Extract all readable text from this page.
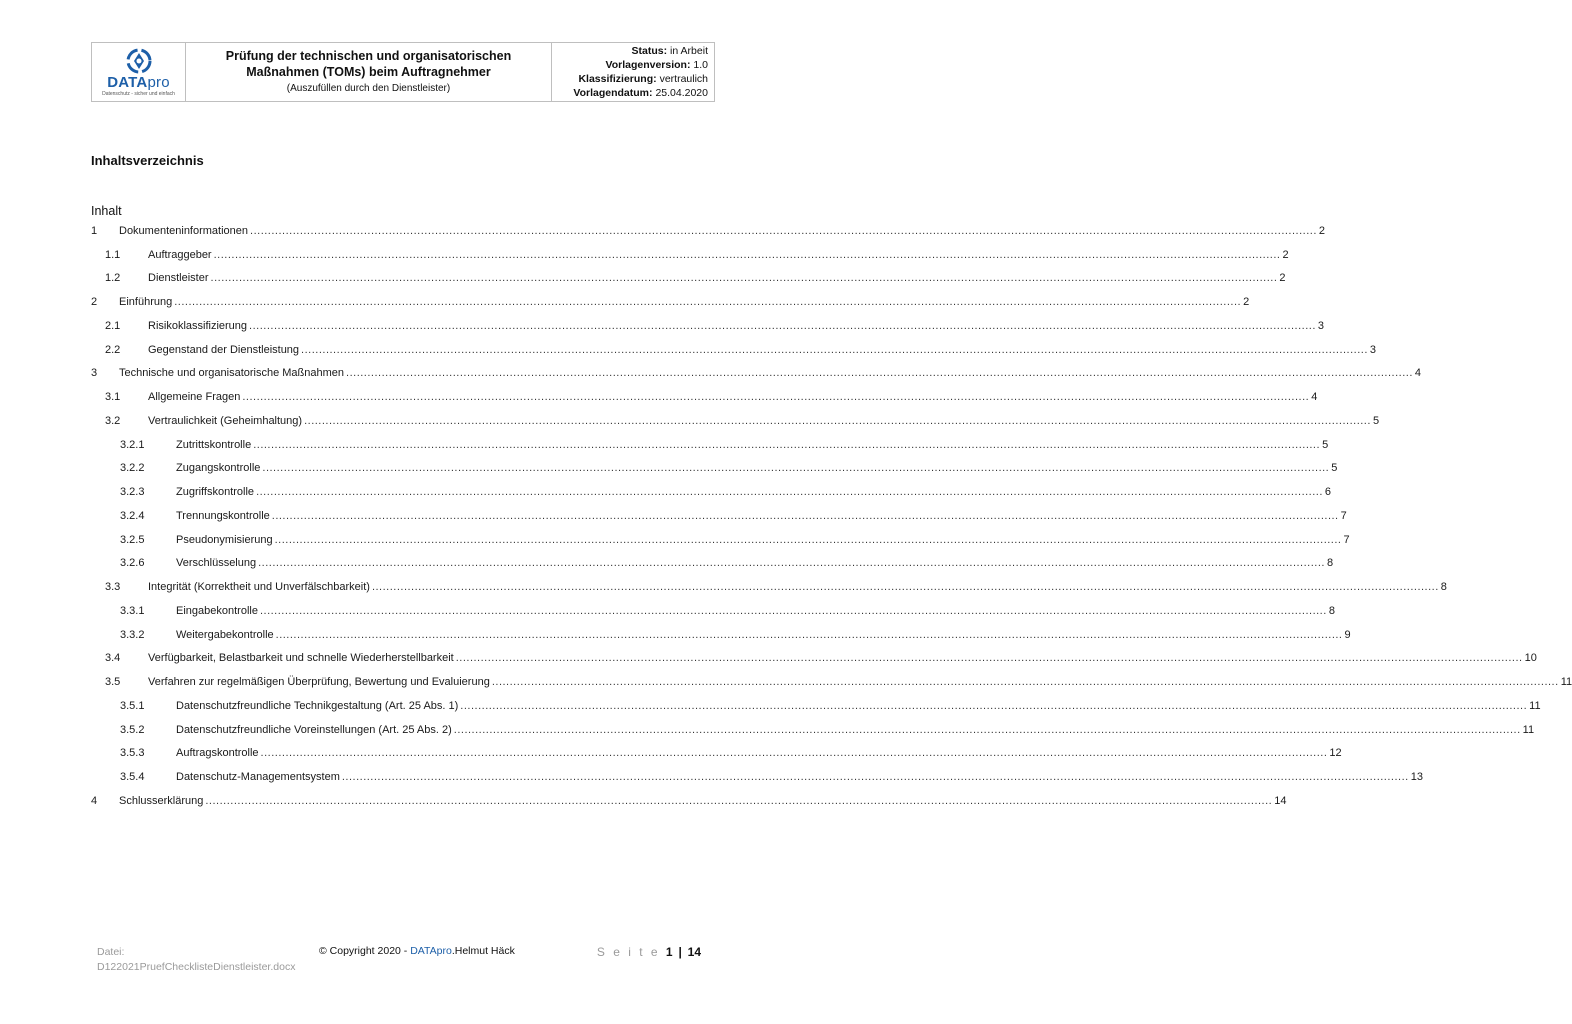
DATApro
Datenschutz - sicher und einfach
Prüfung der technischen und organisatorischen
Maßnahmen (TOMs) beim Auftragnehmer
(Auszufüllen durch den Dienstleister)
Status: in Arbeit
Vorlagenversion: 1.0
Klassifizierung: vertraulich
Vorlagendatum: 25.04.2020
Inhaltsverzeichnis
Inhalt
1 Dokumenteninformationen ............................................................................................................................................................................................................................................................................................................ 2
1.1	Auftraggeber ............................................................................................................................................................................................................................................................................................................ 2
1.2	Dienstleister ............................................................................................................................................................................................................................................................................................................ 2
2 Einführung ............................................................................................................................................................................................................................................................................................................ 2
2.1	Risikoklassifizierung ............................................................................................................................................................................................................................................................................................................ 3
2.2	Gegenstand der Dienstleistung ............................................................................................................................................................................................................................................................................................................ 3
3 Technische und organisatorische Maßnahmen ............................................................................................................................................................................................................................................................................................................ 4
3.1	Allgemeine Fragen ............................................................................................................................................................................................................................................................................................................ 4
3.2	Vertraulichkeit (Geheimhaltung) ............................................................................................................................................................................................................................................................................................................ 5
3.2.1	Zutrittskontrolle ............................................................................................................................................................................................................................................................................................................ 5
3.2.2	Zugangskontrolle ............................................................................................................................................................................................................................................................................................................ 5
3.2.3	Zugriffskontrolle ............................................................................................................................................................................................................................................................................................................ 6
3.2.4	Trennungskontrolle ............................................................................................................................................................................................................................................................................................................ 7
3.2.5	Pseudonymisierung ............................................................................................................................................................................................................................................................................................................ 7
3.2.6	Verschlüsselung ............................................................................................................................................................................................................................................................................................................ 8
3.3	Integrität (Korrektheit und Unverfälschbarkeit) ............................................................................................................................................................................................................................................................................................................ 8
3.3.1	Eingabekontrolle ............................................................................................................................................................................................................................................................................................................ 8
3.3.2	Weitergabekontrolle ............................................................................................................................................................................................................................................................................................................ 9
3.4	Verfügbarkeit, Belastbarkeit und schnelle Wiederherstellbarkeit ............................................................................................................................................................................................................................................................................................................ 10
3.5	Verfahren zur regelmäßigen Überprüfung, Bewertung und Evaluierung ............................................................................................................................................................................................................................................................................................................ 11
3.5.1	Datenschutzfreundliche Technikgestaltung (Art. 25 Abs. 1) ............................................................................................................................................................................................................................................................................................................ 11
3.5.2	Datenschutzfreundliche Voreinstellungen (Art. 25 Abs. 2) ............................................................................................................................................................................................................................................................................................................ 11
3.5.3	Auftragskontrolle ............................................................................................................................................................................................................................................................................................................ 12
3.5.4	Datenschutz-Managementsystem ............................................................................................................................................................................................................................................................................................................ 13
4 Schlusserklärung ............................................................................................................................................................................................................................................................................................................ 14
Datei:
D122021PruefChecklisteDienstleister.docx
© Copyright 2020 - DATApro.Helmut Häck	S e i t e 1 | 14
